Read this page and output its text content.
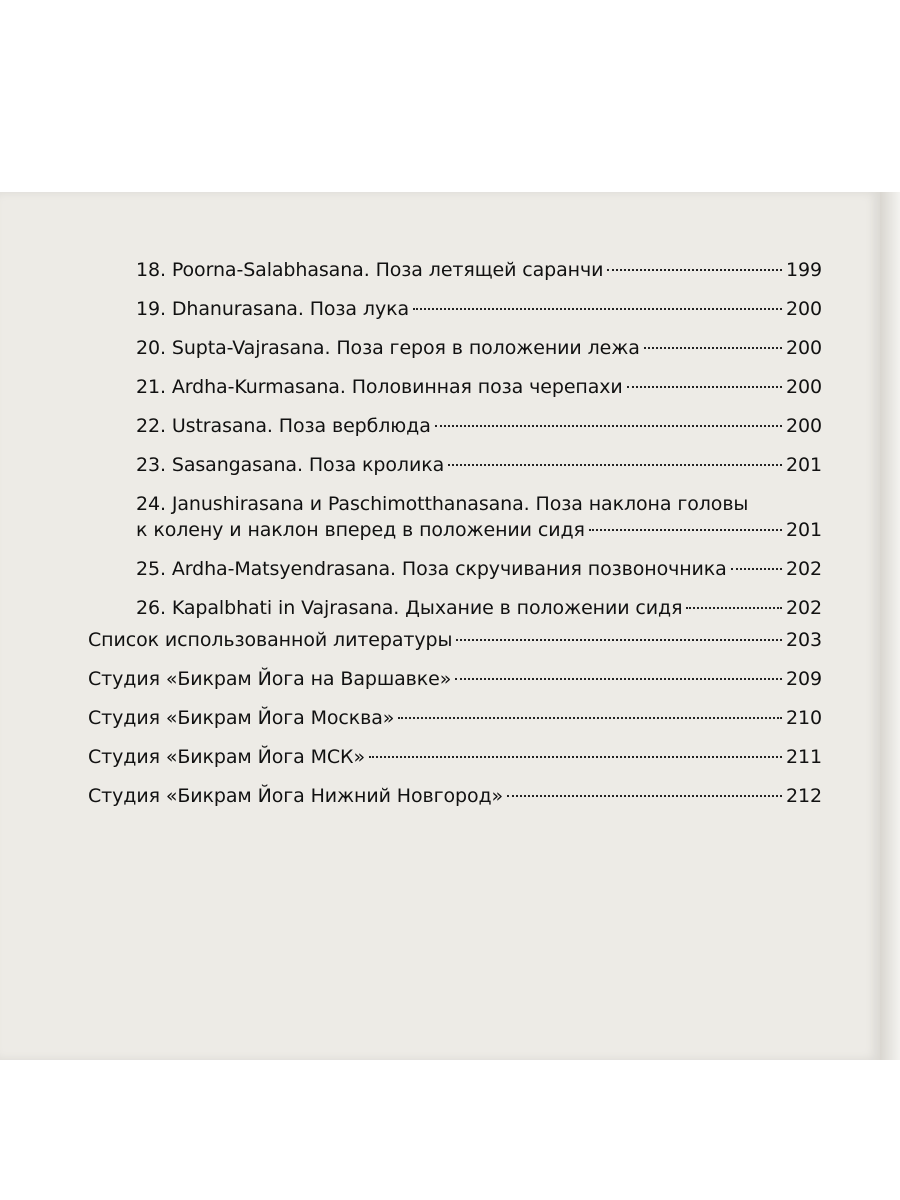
18. Poorna-Salabhasana. Поза летящей саранчи	199
19. Dhanurasana. Поза лука	200
20. Supta-Vajrasana. Поза героя в положении лежа	200
21. Ardha-Kurmasana. Половинная поза черепахи	200
22. Ustrasana. Поза верблюда	200
23. Sasangasana. Поза кролика	201
24. Janushirasana и Paschimotthanasana. Поза наклона головы
к колену и наклон вперед в положении сидя	201
25. Ardha-Matsyendrasana. Поза скручивания позвоночника	202
26. Kapalbhati in Vajrasana. Дыхание в положении сидя	202
Список использованной литературы	203
Студия «Бикрам Йога на Варшавке»	209
Студия «Бикрам Йога Москва»	210
Студия «Бикрам Йога МСК»	211
Студия «Бикрам Йога Нижний Новгород»	212
